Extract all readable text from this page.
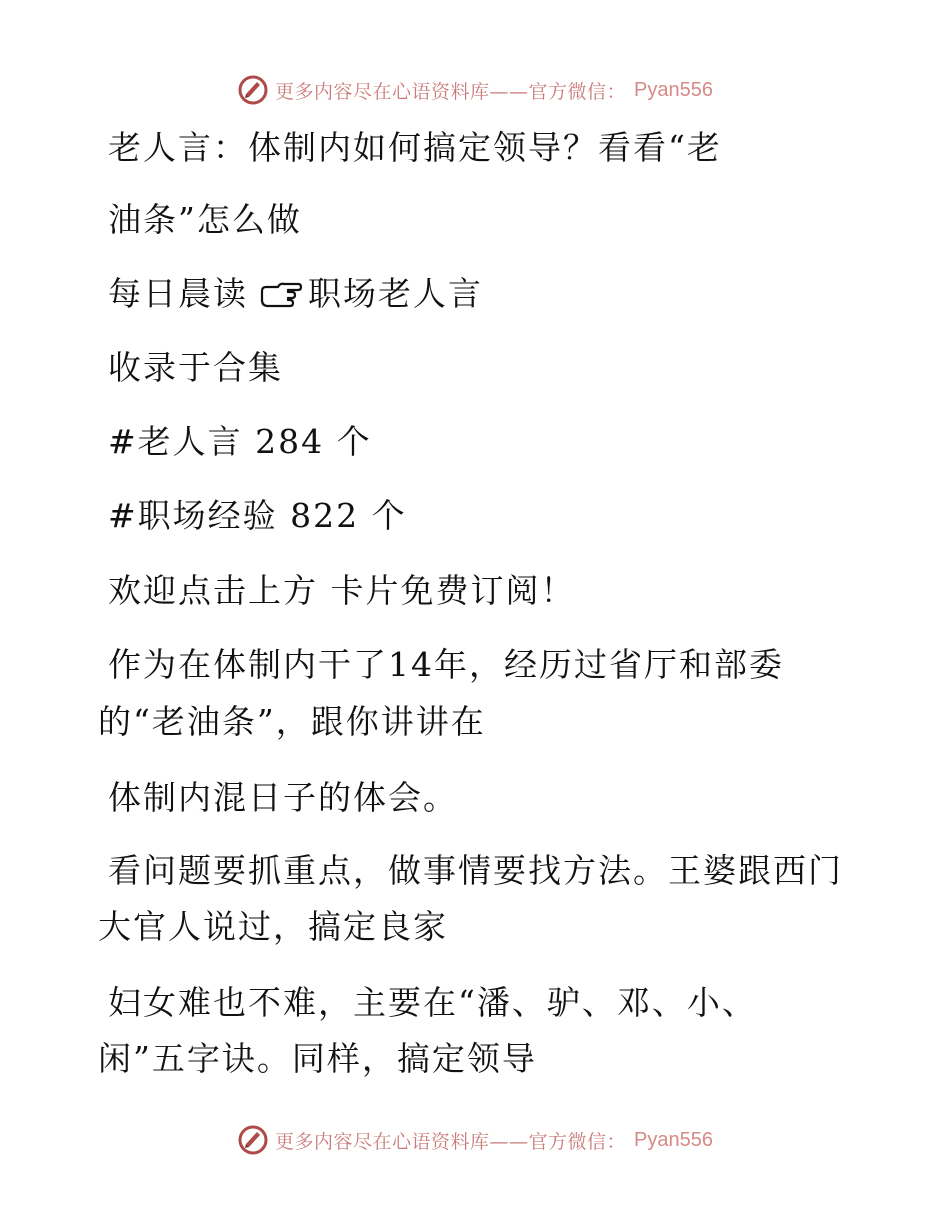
更多内容尽在心语资料库——官方微信： Pyan556
老人言：体制内如何搞定领导？看看“老
油条”怎么做
每日晨读 职场老人言
收录于合集
#老人言 284 个
#职场经验 822 个
欢迎点击上方 卡片免费订阅！
作为在体制内干了14年，经历过省厅和部委
的“老油条”，跟你讲讲在
体制内混日子的体会。
看问题要抓重点，做事情要找方法。王婆跟西门
大官人说过，搞定良家
妇女难也不难，主要在“潘、驴、邓、小、
闲”五字诀。同样，搞定领导
更多内容尽在心语资料库——官方微信： Pyan556
